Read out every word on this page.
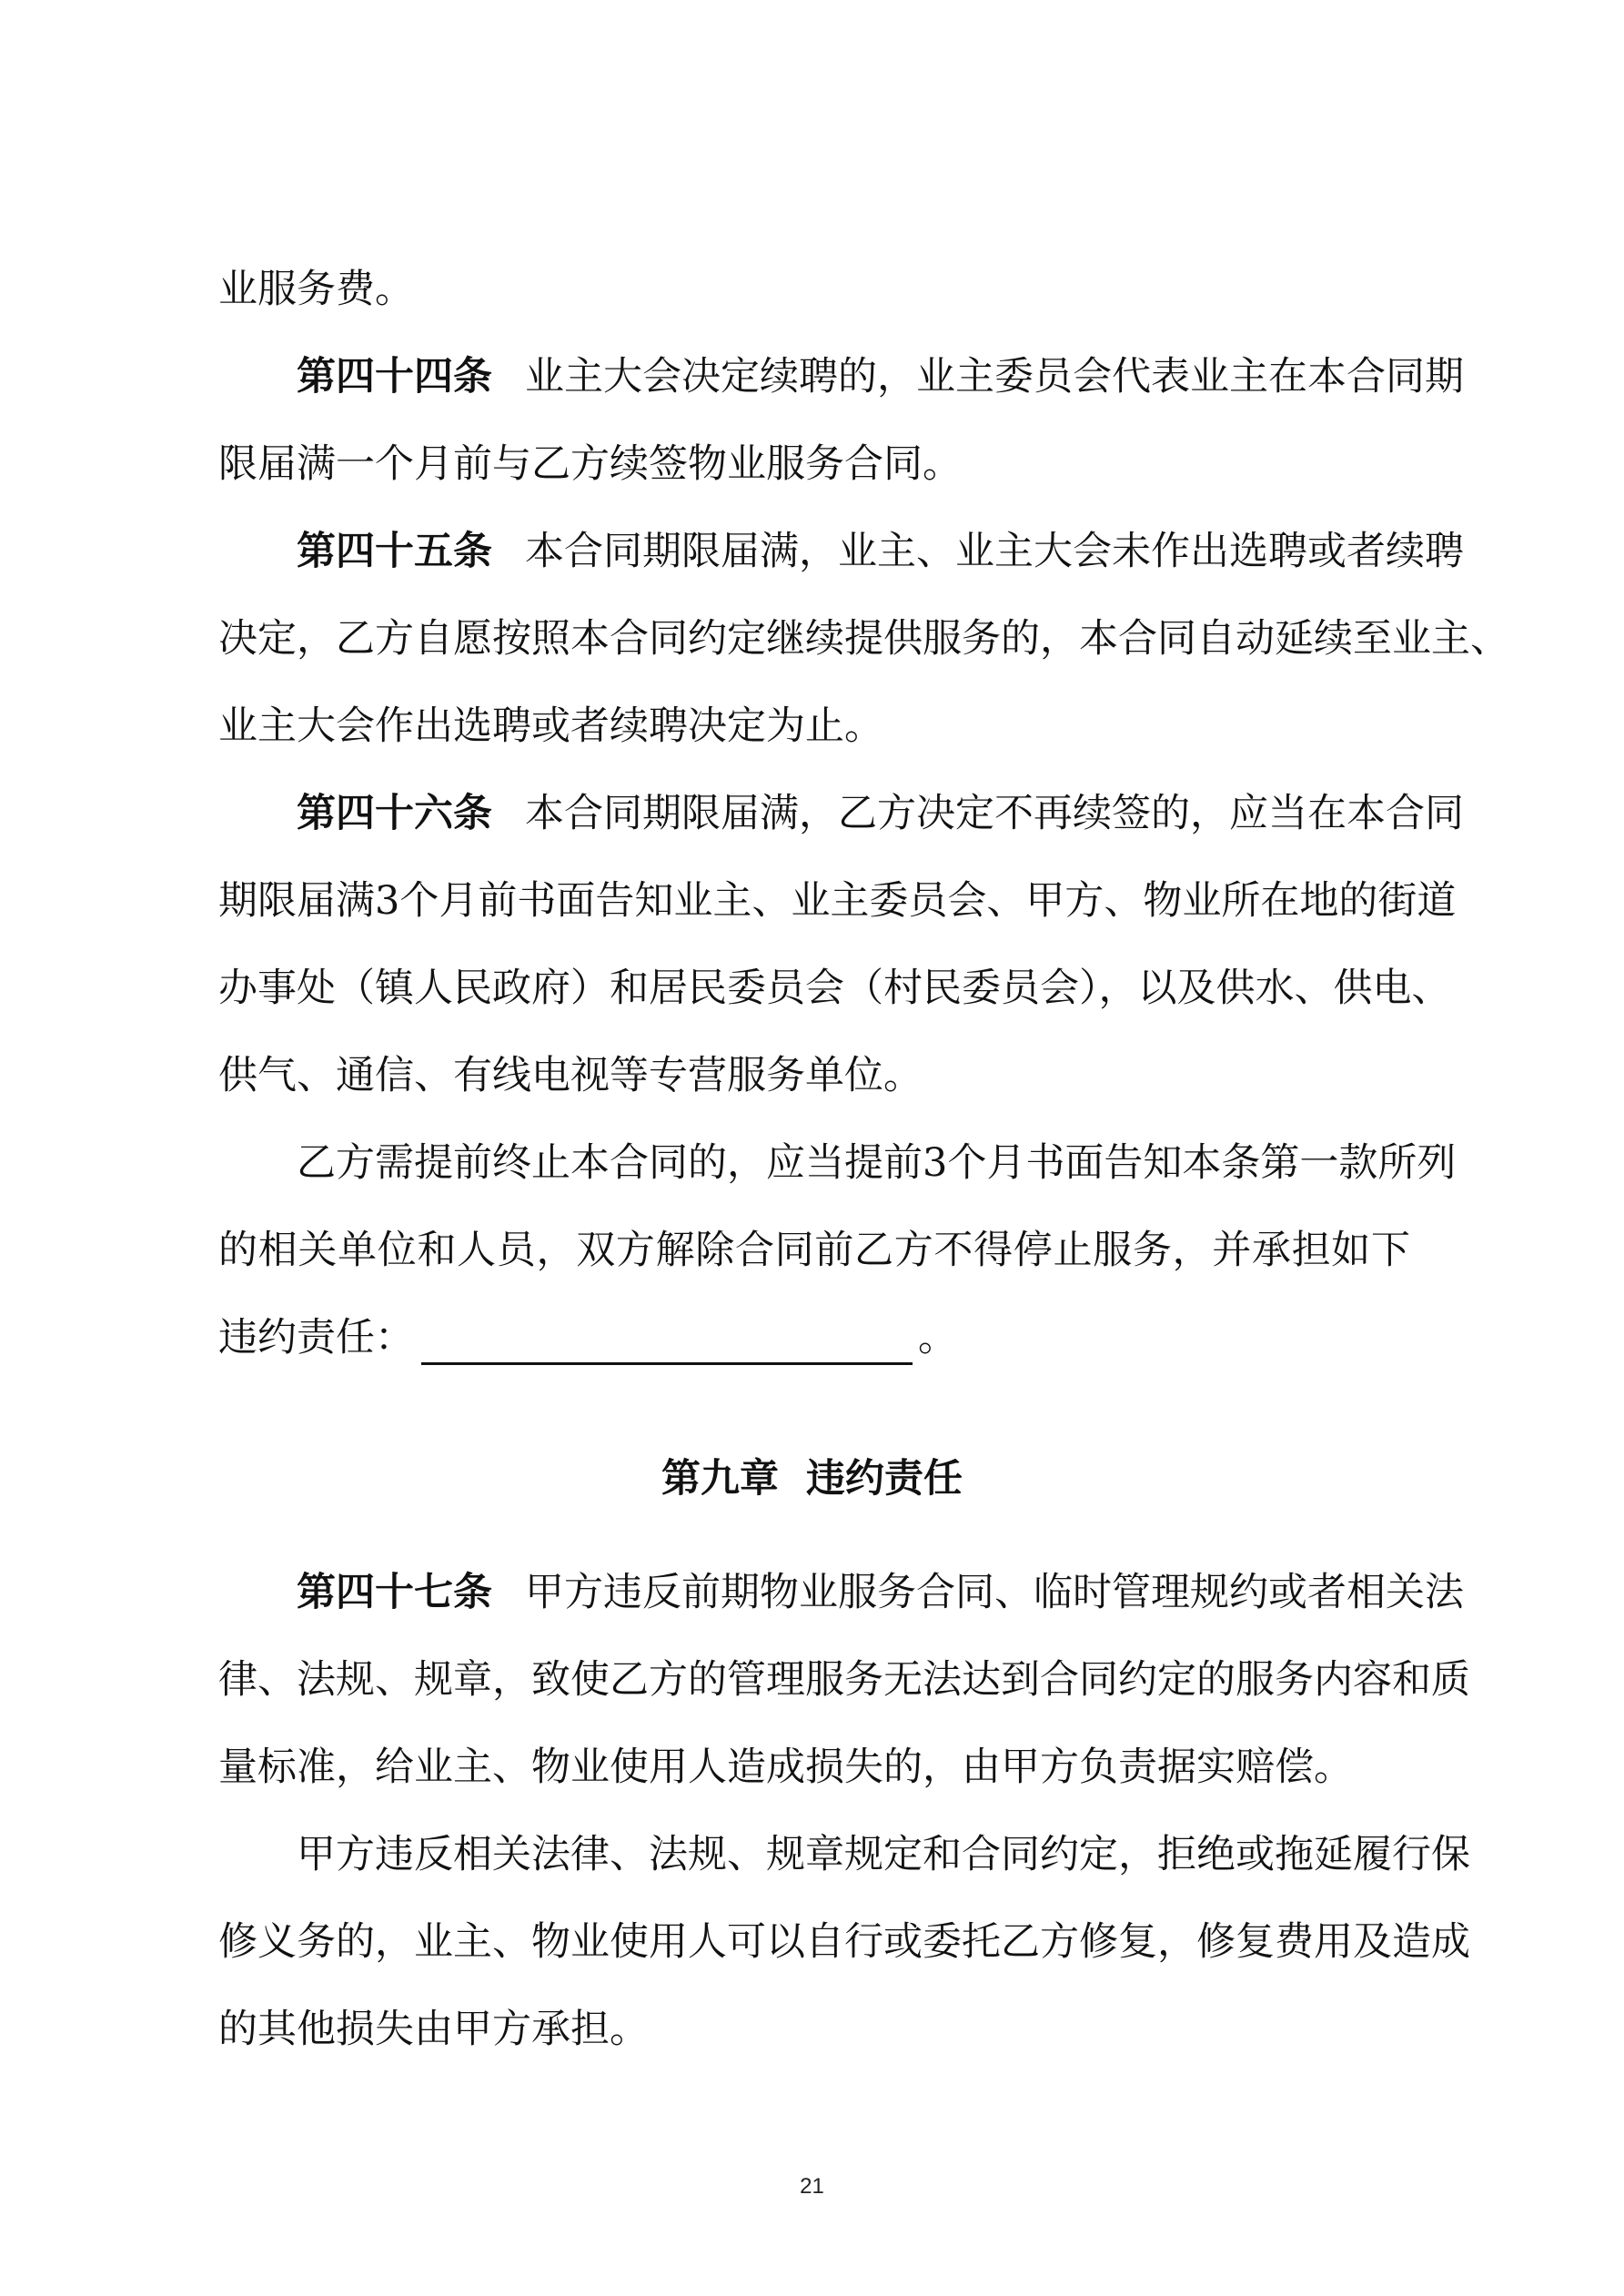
业服务费。
第四十四条 业主大会决定续聘的，业主委员会代表业主在本合同期
限届满一个月前与乙方续签物业服务合同。
第四十五条 本合同期限届满，业主、业主大会未作出选聘或者续聘
决定，乙方自愿按照本合同约定继续提供服务的，本合同自动延续至业主、
业主大会作出选聘或者续聘决定为止。
第四十六条 本合同期限届满，乙方决定不再续签的，应当在本合同
期限届满3个月前书面告知业主、业主委员会、甲方、物业所在地的街道
办事处（镇人民政府）和居民委员会（村民委员会），以及供水、供电、
供气、通信、有线电视等专营服务单位。
乙方需提前终止本合同的，应当提前3个月书面告知本条第一款所列
的相关单位和人员，双方解除合同前乙方不得停止服务，并承担如下
违约责任：	。
第九章 违约责任
第四十七条 甲方违反前期物业服务合同、临时管理规约或者相关法
律、法规、规章，致使乙方的管理服务无法达到合同约定的服务内容和质
量标准，给业主、物业使用人造成损失的，由甲方负责据实赔偿。
甲方违反相关法律、法规、规章规定和合同约定，拒绝或拖延履行保
修义务的，业主、物业使用人可以自行或委托乙方修复，修复费用及造成
的其他损失由甲方承担。
21
